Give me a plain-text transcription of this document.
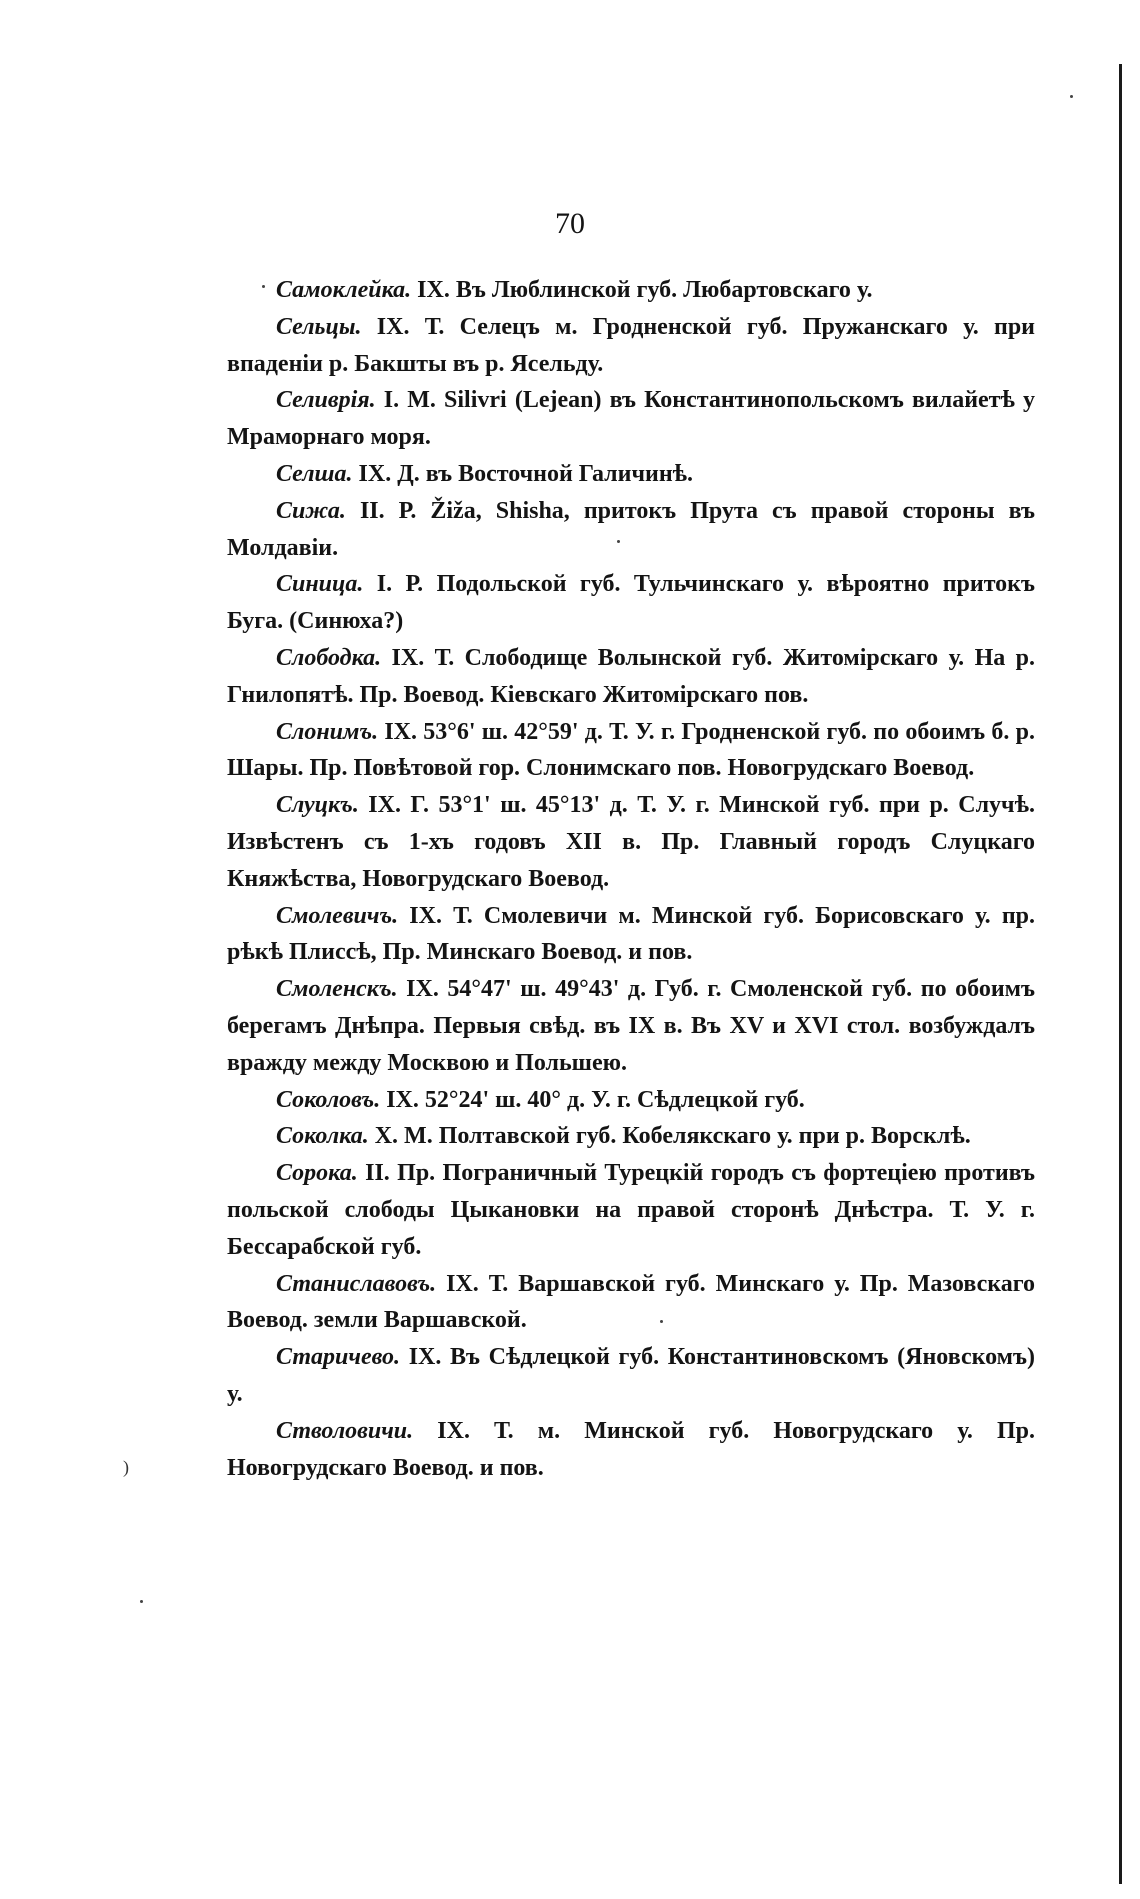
70

Самоклейка. IX. Въ Люблинской губ. Любартовскаго у.

Сельцы. IX. Т. Селецъ м. Гродненской губ. Пружанскаго у. при впаденіи р. Бакшты въ р. Ясельду.

Селиврія. I. М. Silivri (Lejean) въ Константинопольскомъ вилайетѣ у Мраморнаго моря.

Селша. IX. Д. въ Восточной Галичинѣ.

Сижа. II. Р. Žiža, Shisha, притокъ Прута съ правой стороны въ Молдавіи.

Синица. I. Р. Подольской губ. Тульчинскаго у. вѣроятно притокъ Буга. (Синюха?)

Слободка. IX. Т. Слободище Волынской губ. Житомірскаго у. На р. Гнилопятѣ. Пр. Воевод. Кіевскаго Житомірскаго пов.

Слонимъ. IX. 53°6' ш. 42°59' д. Т. У. г. Гродненской губ. по обоимъ б. р. Шары. Пр. Повѣтовой гор. Слонимскаго пов. Новогрудскаго Воевод.

Слуцкъ. IX. Г. 53°1' ш. 45°13' д. Т. У. г. Минской губ. при р. Случѣ. Извѣстенъ съ 1-хъ годовъ XII в. Пр. Главный городъ Слуцкаго Княжѣства, Новогрудскаго Воевод.

Смолевичъ. IX. Т. Смолевичи м. Минской губ. Борисовскаго у. пр. рѣкѣ Плиссѣ, Пр. Минскаго Воевод. и пов.

Смоленскъ. IX. 54°47' ш. 49°43' д. Губ. г. Смоленской губ. по обоимъ берегамъ Днѣпра. Первыя свѣд. въ IX в. Въ XV и XVI стол. возбуждалъ вражду между Москвою и Польшею.

Соколовъ. IX. 52°24' ш. 40° д. У. г. Сѣдлецкой губ.

Соколка. X. М. Полтавской губ. Кобелякскаго у. при р. Ворсклѣ.

Сорока. II. Пр. Пограничный Турецкій городъ съ фортеціею противъ польской слободы Цыкановки на правой сторонѣ Днѣстра. Т. У. г. Бессарабской губ.

Станиславовъ. IX. Т. Варшавской губ. Минскаго у. Пр. Мазовскаго Воевод. земли Варшавской.

Старичево. IX. Въ Сѣдлецкой губ. Константиновскомъ (Яновскомъ) у.

Стволовичи. IX. Т. м. Минской губ. Новогрудскаго у. Пр. Новогрудскаго Воевод. и пов.

)
